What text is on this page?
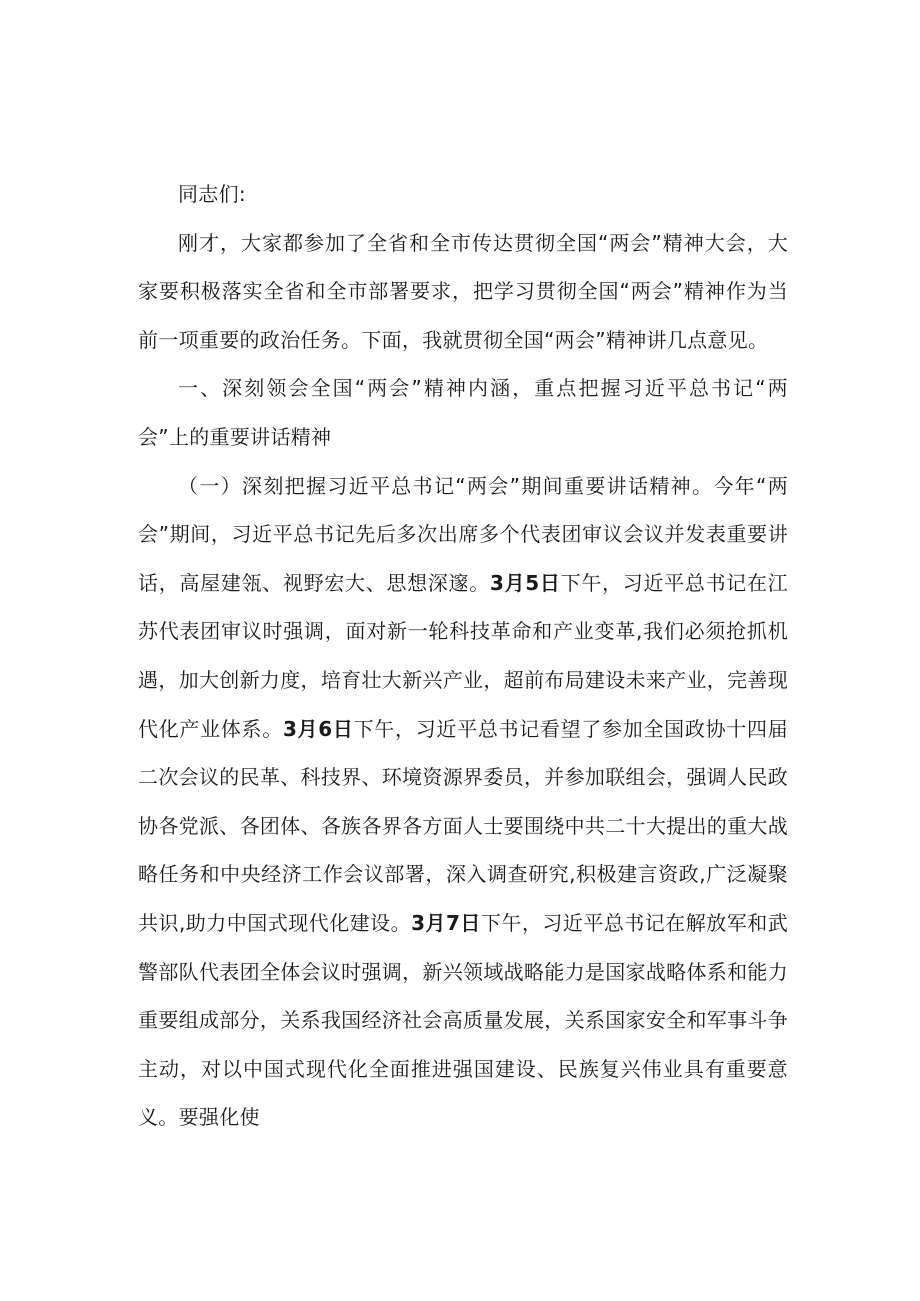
同志们:

刚才，大家都参加了全省和全市传达贯彻全国“两会”精神大会，大家要积极落实全省和全市部署要求，把学习贯彻全国“两会”精神作为当前一项重要的政治任务。下面，我就贯彻全国“两会”精神讲几点意见。

一、深刻领会全国“两会”精神内涵，重点把握习近平总书记“两会”上的重要讲话精神

（一）深刻把握习近平总书记“两会”期间重要讲话精神。今年“两会”期间，习近平总书记先后多次出席多个代表团审议会议并发表重要讲话，高屋建瓴、视野宏大、思想深邃。3月5日下午，习近平总书记在江苏代表团审议时强调，面对新一轮科技革命和产业变革,我们必须抢抓机遇，加大创新力度，培育壮大新兴产业，超前布局建设未来产业，完善现代化产业体系。3月6日下午，习近平总书记看望了参加全国政协十四届二次会议的民革、科技界、环境资源界委员，并参加联组会，强调人民政协各党派、各团体、各族各界各方面人士要围绕中共二十大提出的重大战略任务和中央经济工作会议部署，深入调查研究,积极建言资政,广泛凝聚共识,助力中国式现代化建设。3月7日下午，习近平总书记在解放军和武警部队代表团全体会议时强调，新兴领域战略能力是国家战略体系和能力重要组成部分，关系我国经济社会高质量发展，关系国家安全和军事斗争主动，对以中国式现代化全面推进强国建设、民族复兴伟业具有重要意义。要强化使
